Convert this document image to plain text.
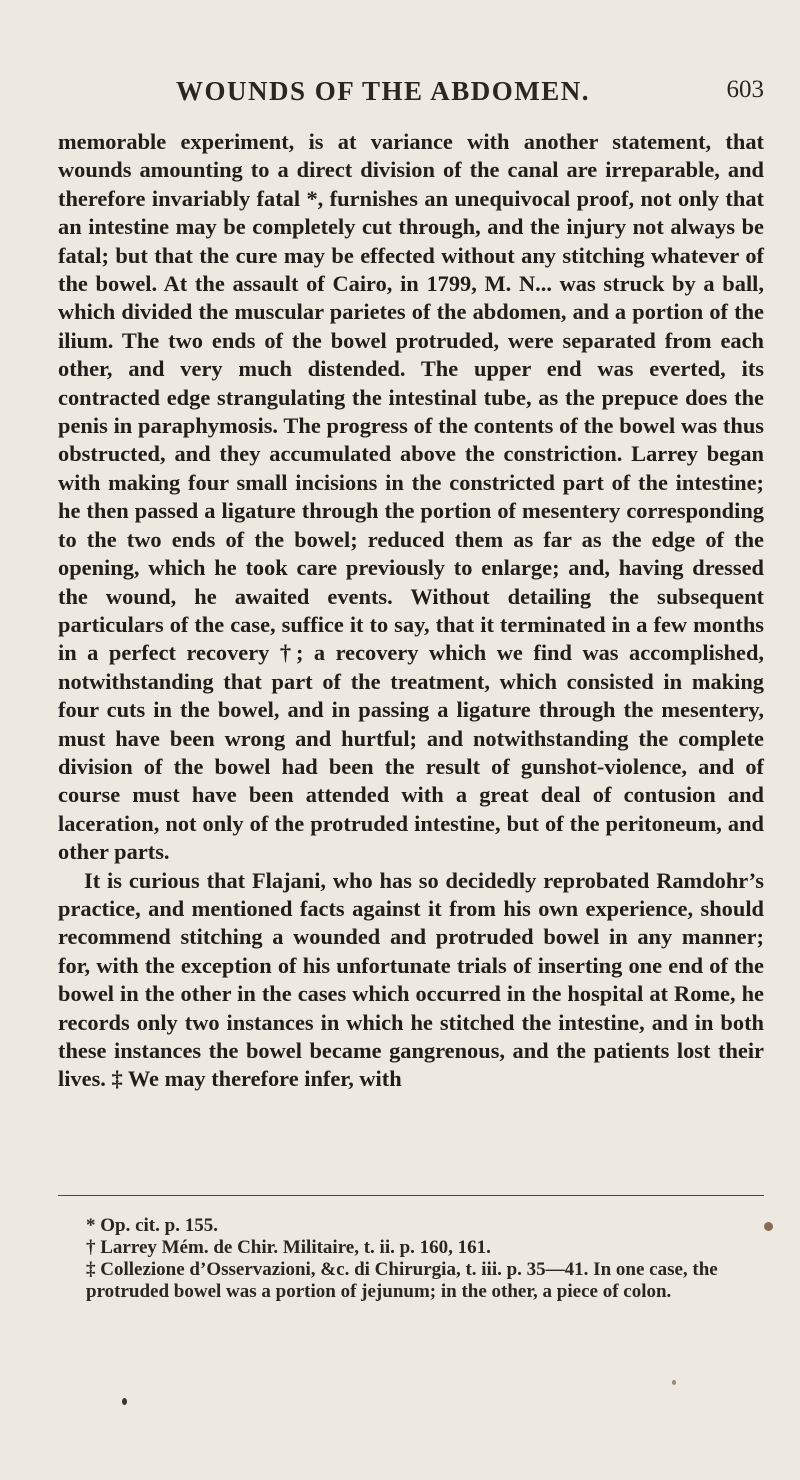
WOUNDS OF THE ABDOMEN.	603

memorable experiment, is at variance with another statement, that wounds amounting to a direct division of the canal are irreparable, and therefore invariably fatal *, furnishes an unequivocal proof, not only that an intestine may be completely cut through, and the injury not always be fatal; but that the cure may be effected without any stitching whatever of the bowel. At the assault of Cairo, in 1799, M. N... was struck by a ball, which divided the muscular parietes of the abdomen, and a portion of the ilium. The two ends of the bowel protruded, were separated from each other, and very much distended. The upper end was everted, its contracted edge strangulating the intestinal tube, as the prepuce does the penis in paraphymosis. The progress of the contents of the bowel was thus obstructed, and they accumulated above the constriction. Larrey began with making four small incisions in the constricted part of the intestine; he then passed a ligature through the portion of mesentery corresponding to the two ends of the bowel; reduced them as far as the edge of the opening, which he took care previously to enlarge; and, having dressed the wound, he awaited events. Without detailing the subsequent particulars of the case, suffice it to say, that it terminated in a few months in a perfect recovery †; a recovery which we find was accomplished, notwithstanding that part of the treatment, which consisted in making four cuts in the bowel, and in passing a ligature through the mesentery, must have been wrong and hurtful; and notwithstanding the complete division of the bowel had been the result of gunshot-violence, and of course must have been attended with a great deal of contusion and laceration, not only of the protruded intestine, but of the peritoneum, and other parts.

It is curious that Flajani, who has so decidedly reprobated Ramdohr’s practice, and mentioned facts against it from his own experience, should recommend stitching a wounded and protruded bowel in any manner; for, with the exception of his unfortunate trials of inserting one end of the bowel in the other in the cases which occurred in the hospital at Rome, he records only two instances in which he stitched the intestine, and in both these instances the bowel became gangrenous, and the patients lost their lives. ‡ We may therefore infer, with

* Op. cit. p. 155.

† Larrey Mém. de Chir. Militaire, t. ii. p. 160, 161.

‡ Collezione d’Osservazioni, &c. di Chirurgia, t. iii. p. 35—41. In one case, the protruded bowel was a portion of jejunum; in the other, a piece of colon.
